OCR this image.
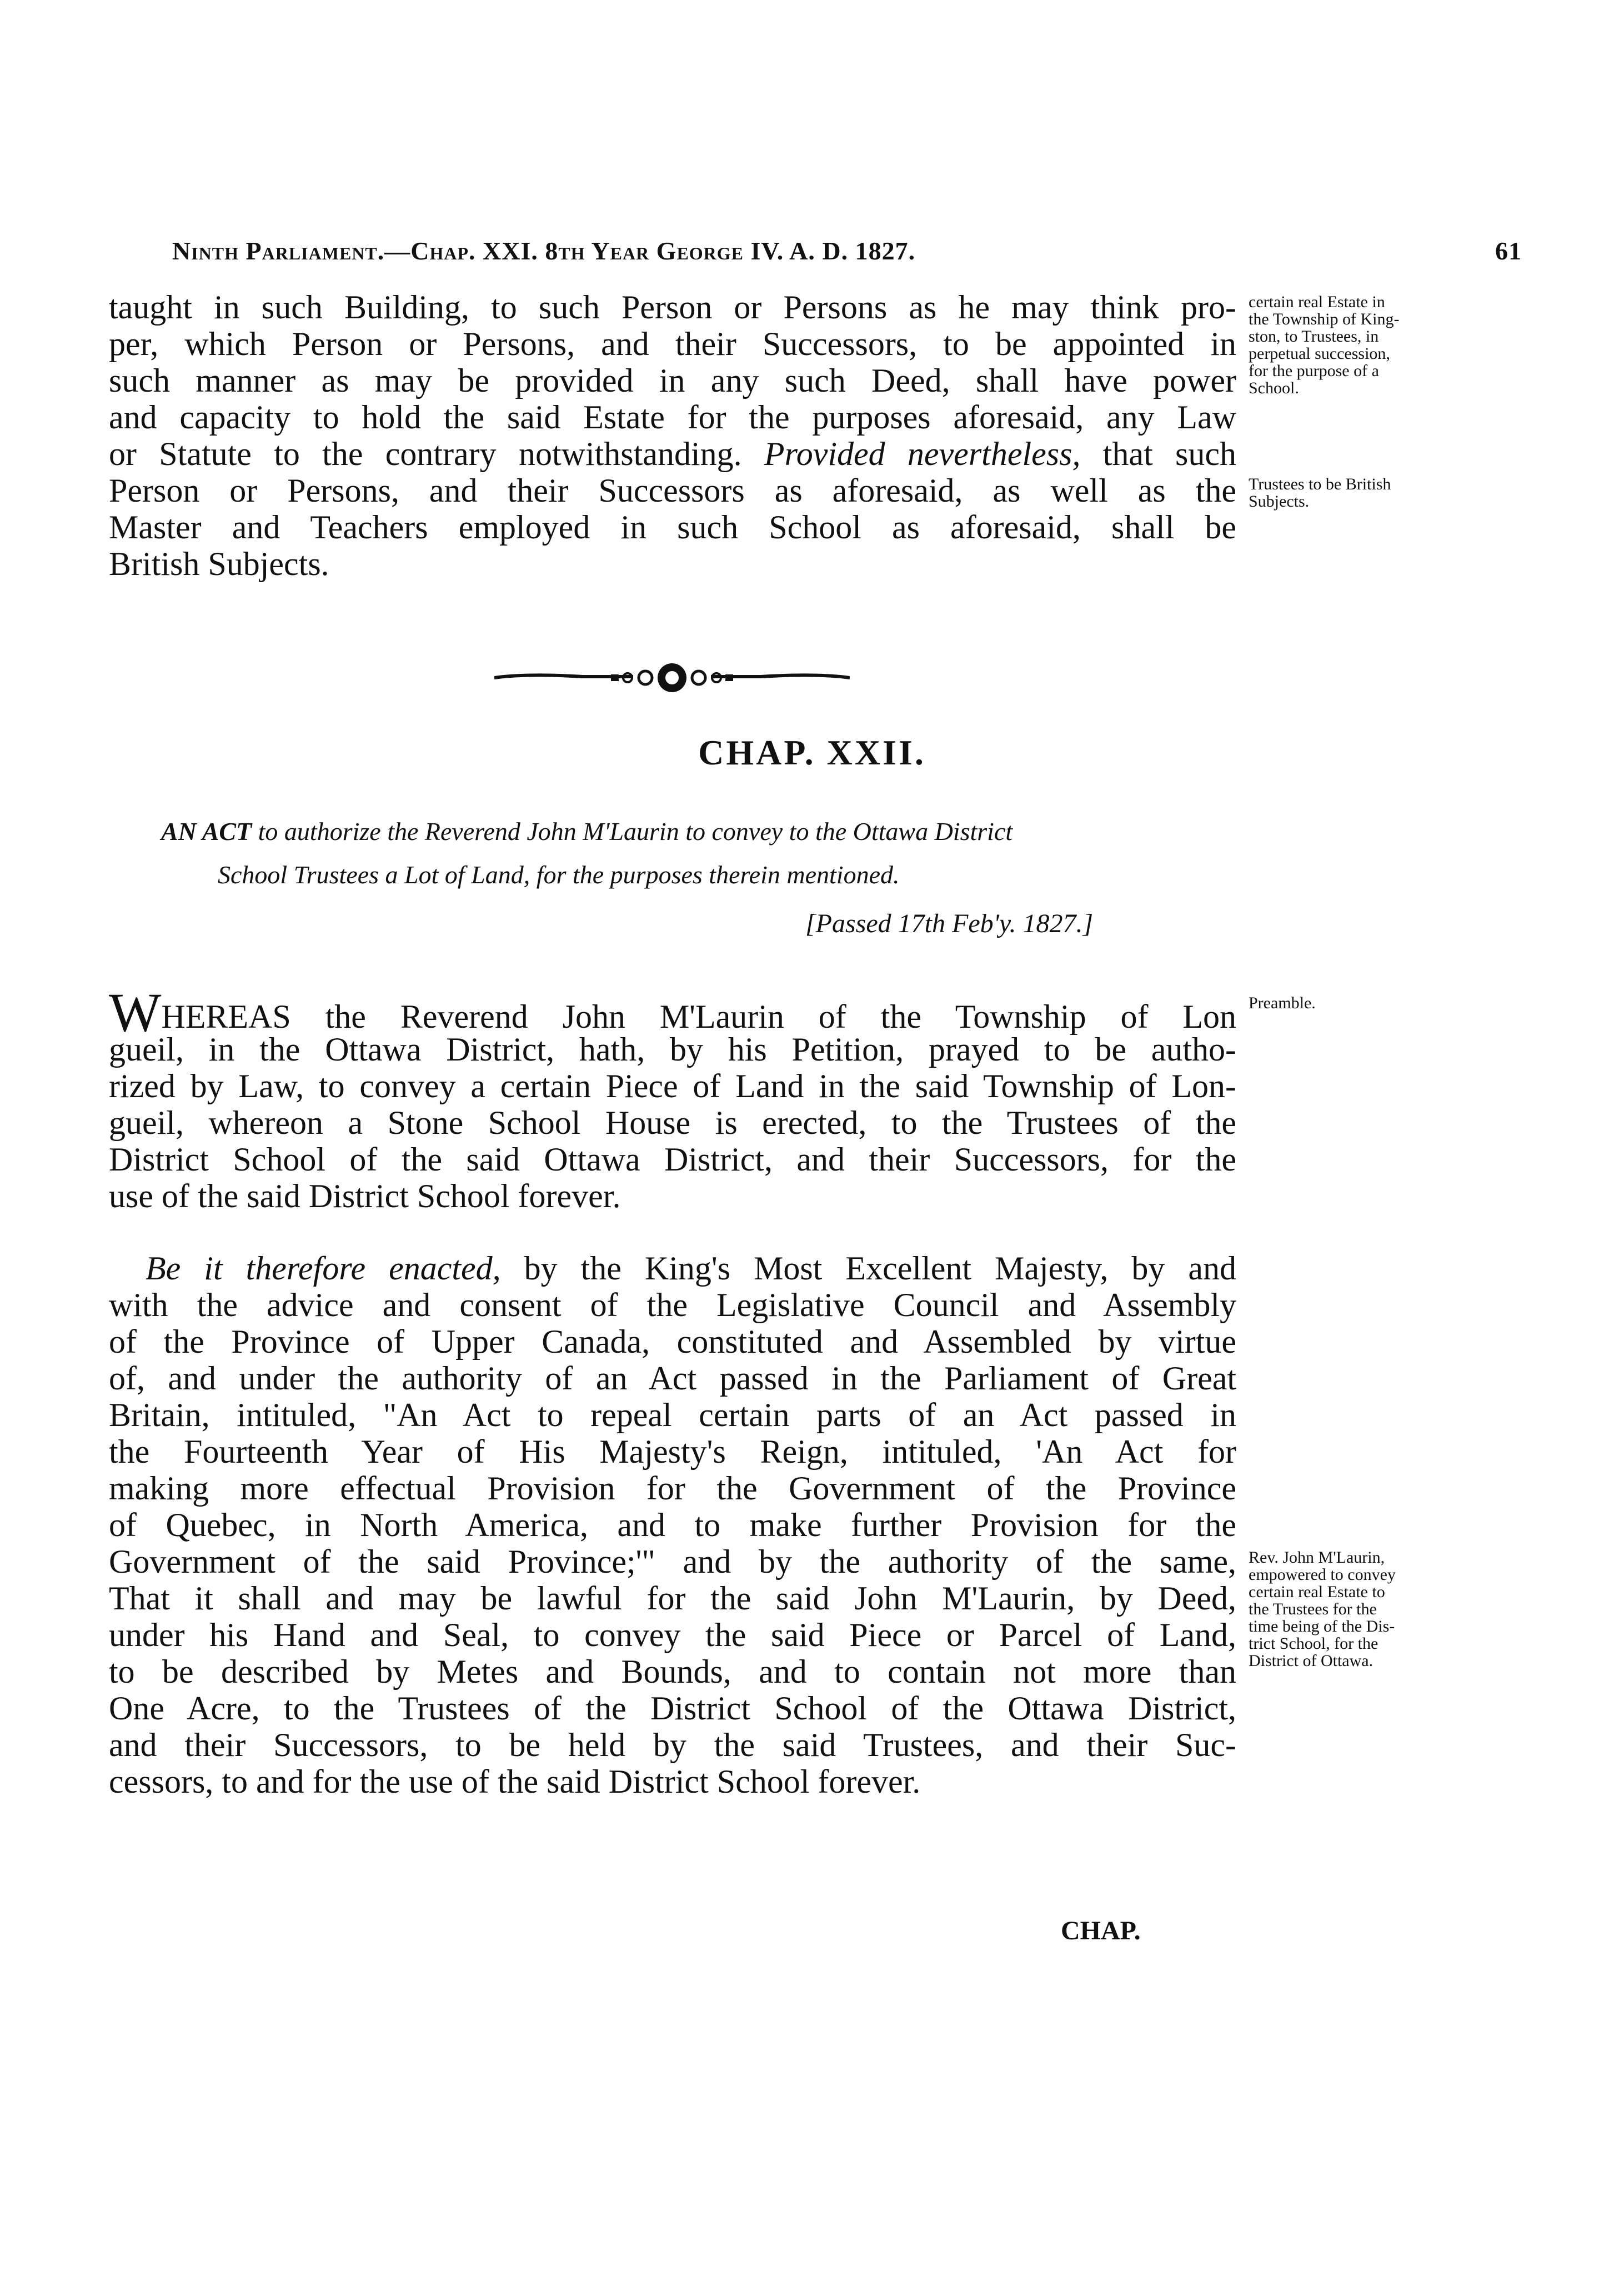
Ninth Parliament.—Chap. XXI. 8th Year George IV. A. D. 1827.	61
taught in such Building, to such Person or Persons as he may think pro-
per, which Person or Persons, and their Successors, to be appointed in
such manner as may be provided in any such Deed, shall have power
and capacity to hold the said Estate for the purposes aforesaid, any Law
or Statute to the contrary notwithstanding. Provided nevertheless, that such
Person or Persons, and their Successors as aforesaid, as well as the
Master and Teachers employed in such School as aforesaid, shall be
British Subjects.
certain real Estate in
the Township of King-
ston, to Trustees, in
perpetual succession,
for the purpose of a
School.
Trustees to be British
Subjects.
Preamble.
Rev. John M'Laurin,
empowered to convey
certain real Estate to
the Trustees for the
time being of the Dis-
trict School, for the
District of Ottawa.
CHAP. XXII.
AN ACT to authorize the Reverend John M'Laurin to convey to the Ottawa District
School Trustees a Lot of Land, for the purposes therein mentioned.
[Passed 17th Feb'y. 1827.]
WHEREAS the Reverend John M'Laurin of the Township of Lon
gueil, in the Ottawa District, hath, by his Petition, prayed to be autho-
rized by Law, to convey a certain Piece of Land in the said Township of Lon-
gueil, whereon a Stone School House is erected, to the Trustees of the
District School of the said Ottawa District, and their Successors, for the
use of the said District School forever.
Be it therefore enacted, by the King's Most Excellent Majesty, by and
with the advice and consent of the Legislative Council and Assembly
of the Province of Upper Canada, constituted and Assembled by virtue
of, and under the authority of an Act passed in the Parliament of Great
Britain, intituled, "An Act to repeal certain parts of an Act passed in
the Fourteenth Year of His Majesty's Reign, intituled, 'An Act for
making more effectual Provision for the Government of the Province
of Quebec, in North America, and to make further Provision for the
Government of the said Province;'" and by the authority of the same,
That it shall and may be lawful for the said John M'Laurin, by Deed,
under his Hand and Seal, to convey the said Piece or Parcel of Land,
to be described by Metes and Bounds, and to contain not more than
One Acre, to the Trustees of the District School of the Ottawa District,
and their Successors, to be held by the said Trustees, and their Suc-
cessors, to and for the use of the said District School forever.
CHAP.
